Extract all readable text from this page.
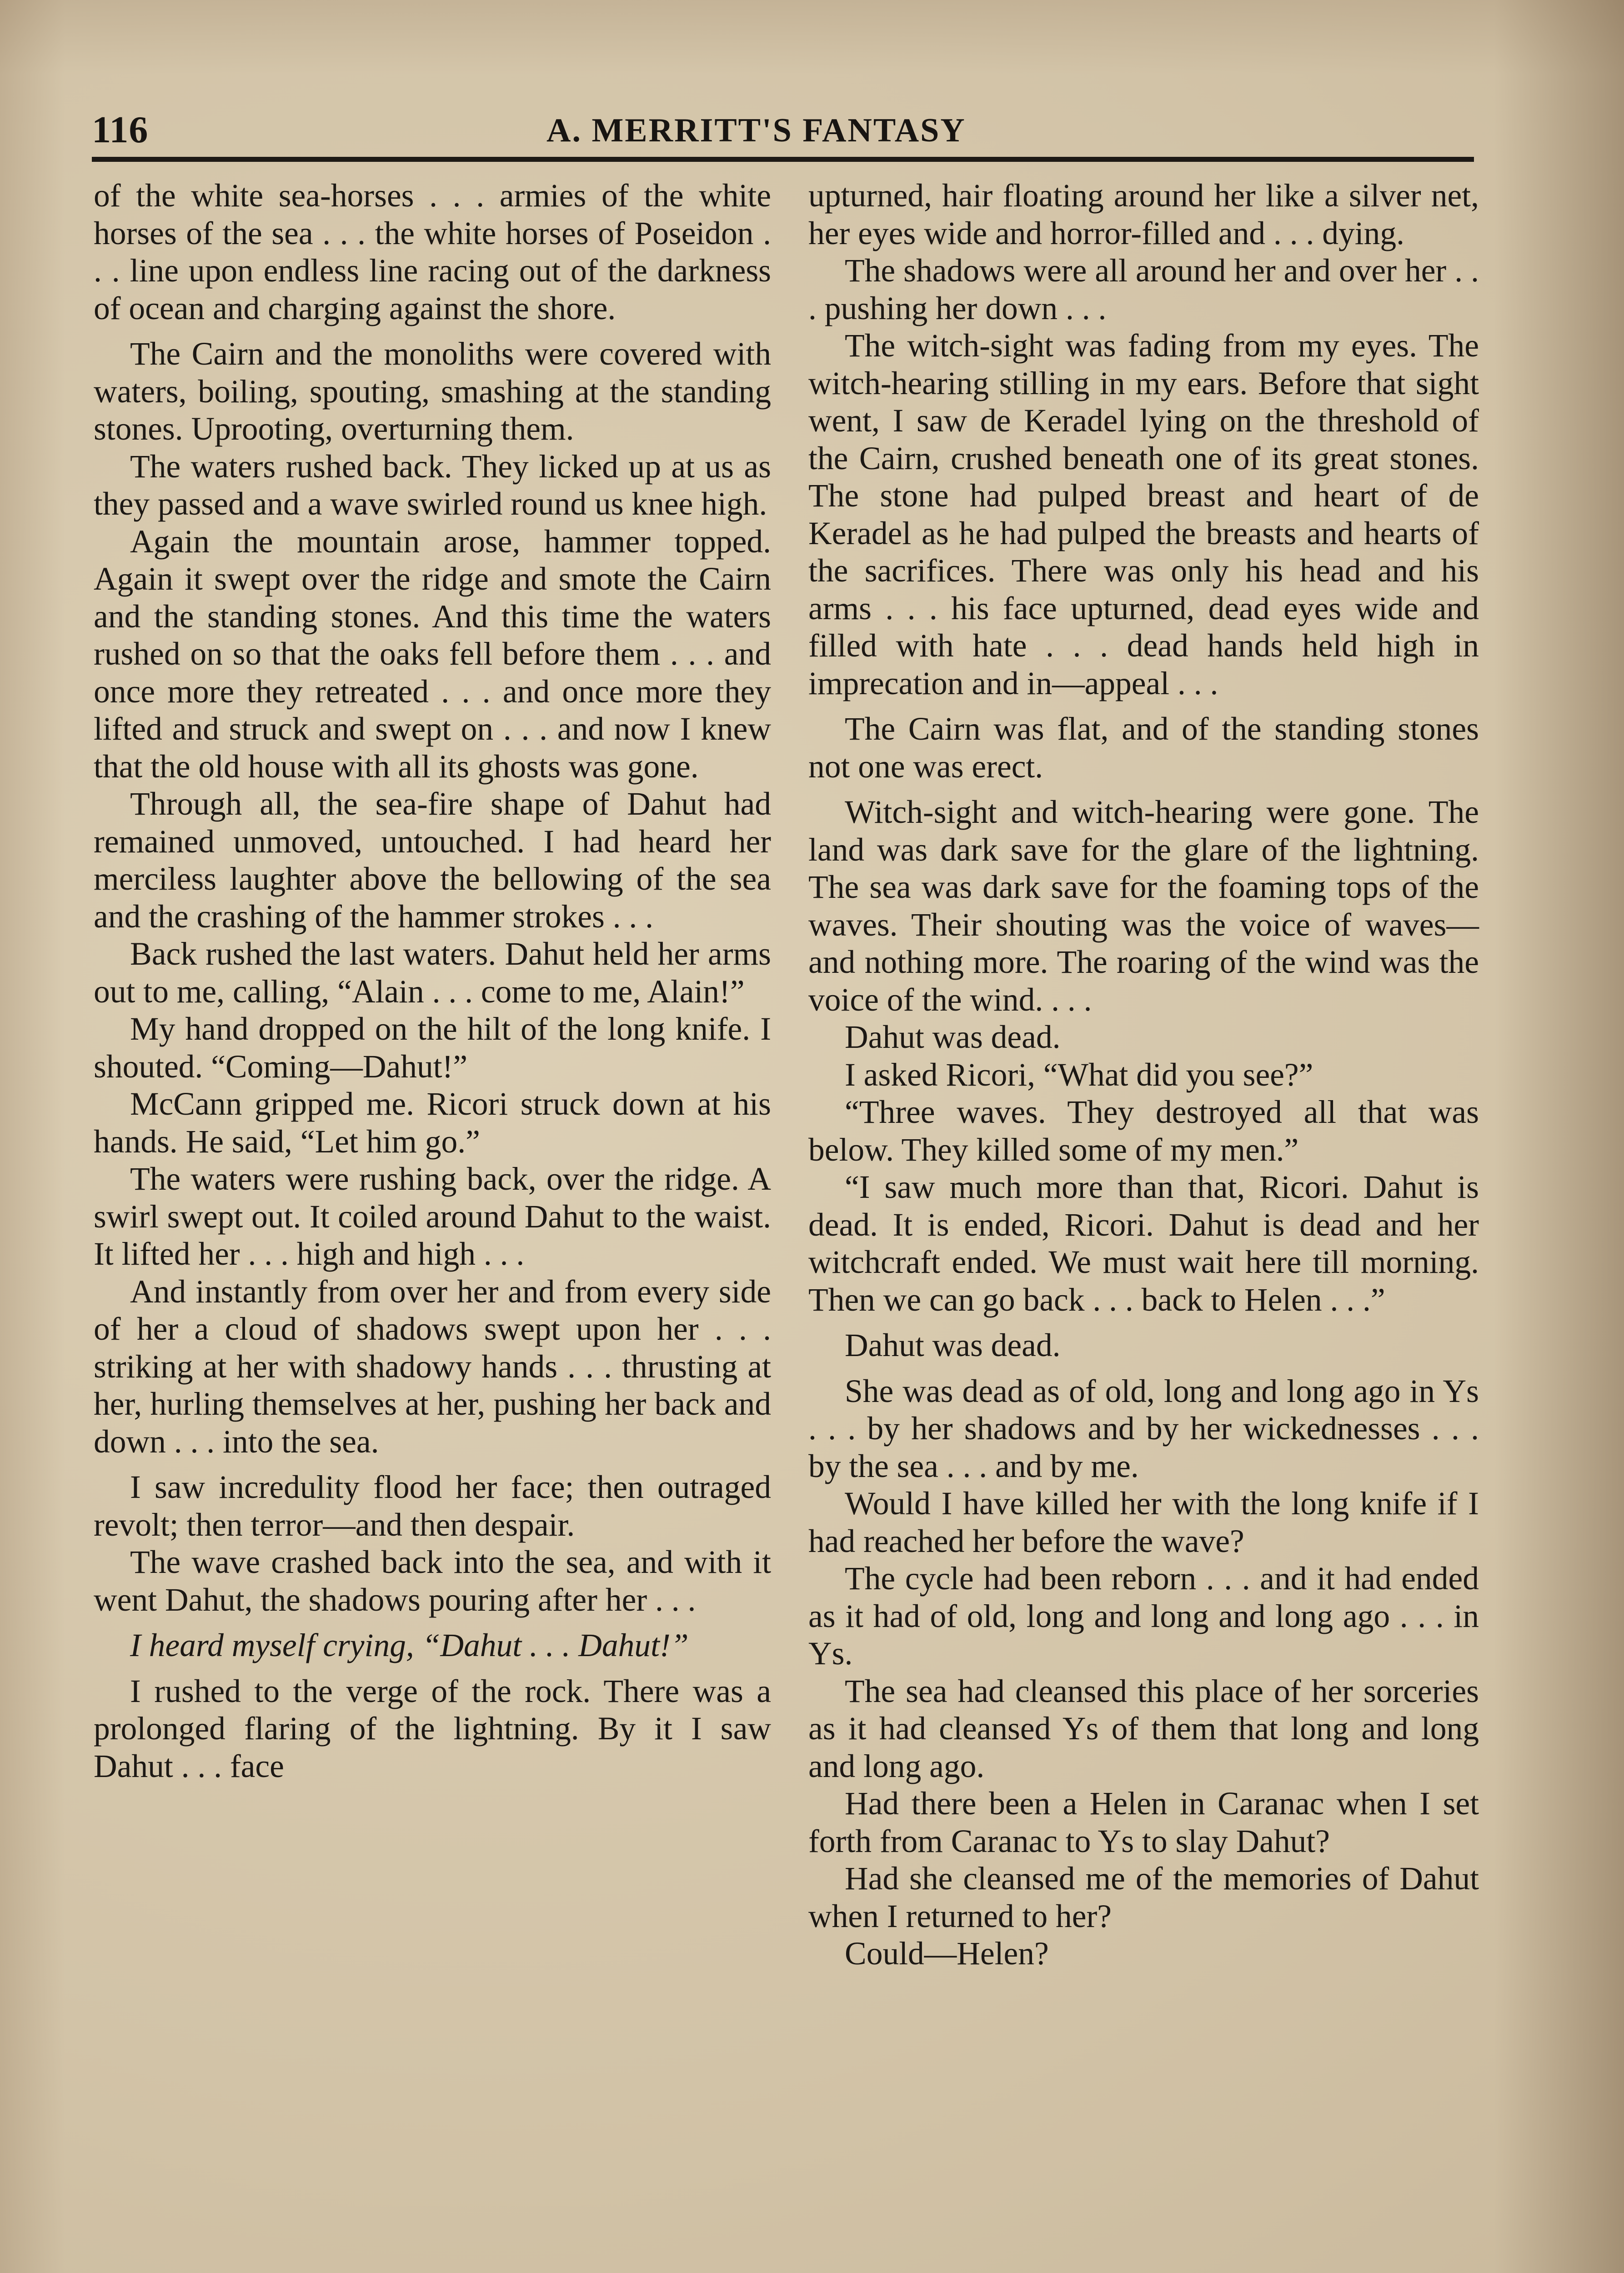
116	A. MERRITT'S FANTASY

of the white sea-horses . . . armies of the white horses of the sea . . . the white horses of Poseidon . . . line upon endless line racing out of the darkness of ocean and charging against the shore.

The Cairn and the monoliths were covered with waters, boiling, spouting, smashing at the standing stones. Uprooting, overturning them.

The waters rushed back. They licked up at us as they passed and a wave swirled round us knee high.

Again the mountain arose, hammer topped. Again it swept over the ridge and smote the Cairn and the standing stones. And this time the waters rushed on so that the oaks fell before them . . . and once more they retreated . . . and once more they lifted and struck and swept on . . . and now I knew that the old house with all its ghosts was gone.

Through all, the sea-fire shape of Dahut had remained unmoved, untouched. I had heard her merciless laughter above the bellowing of the sea and the crashing of the hammer strokes . . .

Back rushed the last waters. Dahut held her arms out to me, calling, “Alain . . . come to me, Alain!”

My hand dropped on the hilt of the long knife. I shouted. “Coming—Dahut!”

McCann gripped me. Ricori struck down at his hands. He said, “Let him go.”

The waters were rushing back, over the ridge. A swirl swept out. It coiled around Dahut to the waist. It lifted her . . . high and high . . .

And instantly from over her and from every side of her a cloud of shadows swept upon her . . . striking at her with shadowy hands . . . thrusting at her, hurling themselves at her, pushing her back and down . . . into the sea.

I saw incredulity flood her face; then outraged revolt; then terror—and then despair.

The wave crashed back into the sea, and with it went Dahut, the shadows pouring after her . . .

I heard myself crying, “Dahut . . . Dahut!”

I rushed to the verge of the rock. There was a prolonged flaring of the lightning. By it I saw Dahut . . . face

upturned, hair floating around her like a silver net, her eyes wide and horror-filled and . . . dying.

The shadows were all around her and over her . . . pushing her down . . .

The witch-sight was fading from my eyes. The witch-hearing stilling in my ears. Before that sight went, I saw de Keradel lying on the threshold of the Cairn, crushed beneath one of its great stones. The stone had pulped breast and heart of de Keradel as he had pulped the breasts and hearts of the sacrifices. There was only his head and his arms . . . his face upturned, dead eyes wide and filled with hate . . . dead hands held high in imprecation and in—appeal . . .

The Cairn was flat, and of the standing stones not one was erect.

Witch-sight and witch-hearing were gone. The land was dark save for the glare of the lightning. The sea was dark save for the foaming tops of the waves. Their shouting was the voice of waves—and nothing more. The roaring of the wind was the voice of the wind. . . .

Dahut was dead.

I asked Ricori, “What did you see?”

“Three waves. They destroyed all that was below. They killed some of my men.”

“I saw much more than that, Ricori. Dahut is dead. It is ended, Ricori. Dahut is dead and her witchcraft ended. We must wait here till morning. Then we can go back . . . back to Helen . . .”

Dahut was dead.

She was dead as of old, long and long ago in Ys . . . by her shadows and by her wickednesses . . . by the sea . . . and by me.

Would I have killed her with the long knife if I had reached her before the wave?

The cycle had been reborn . . . and it had ended as it had of old, long and long and long ago . . . in Ys.

The sea had cleansed this place of her sorceries as it had cleansed Ys of them that long and long and long ago.

Had there been a Helen in Caranac when I set forth from Caranac to Ys to slay Dahut?

Had she cleansed me of the memories of Dahut when I returned to her?

Could—Helen?
